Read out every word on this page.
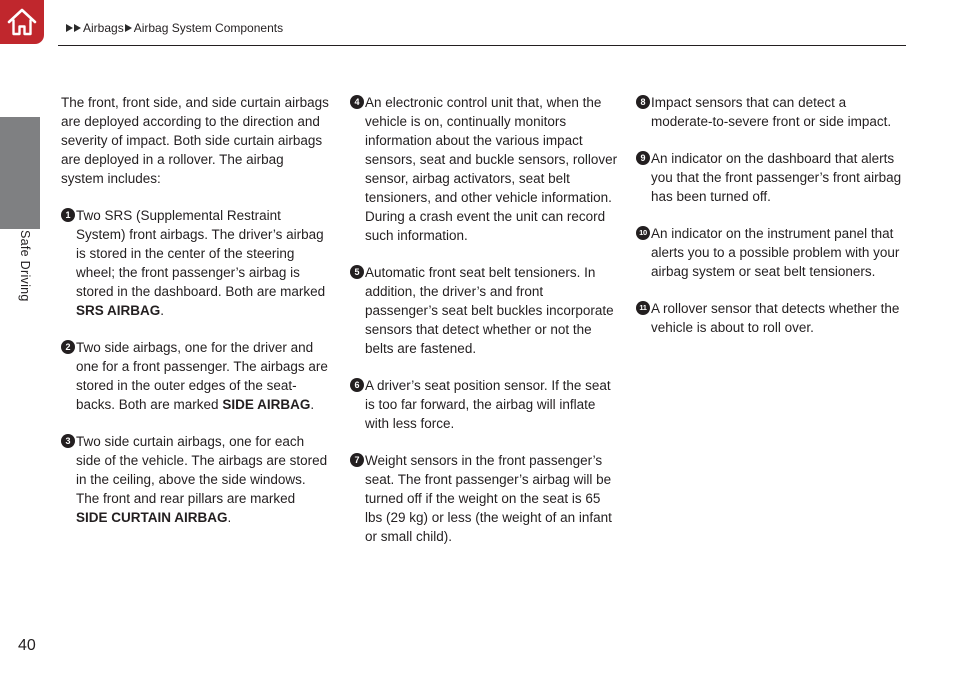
Safe Driving
Airbags Airbag System Components

The front, front side, and side curtain airbags are deployed according to the direction and severity of impact. Both side curtain airbags are deployed in a rollover. The airbag system includes:

1 Two SRS (Supplemental Restraint System) front airbags. The driver’s airbag is stored in the center of the steering wheel; the front passenger’s airbag is stored in the dashboard. Both are marked SRS AIRBAG.
2 Two side airbags, one for the driver and one for a front passenger. The airbags are stored in the outer edges of the seat-backs. Both are marked SIDE AIRBAG.
3 Two side curtain airbags, one for each side of the vehicle. The airbags are stored in the ceiling, above the side windows. The front and rear pillars are marked SIDE CURTAIN AIRBAG.
4 An electronic control unit that, when the vehicle is on, continually monitors information about the various impact sensors, seat and buckle sensors, rollover sensor, airbag activators, seat belt tensioners, and other vehicle information. During a crash event the unit can record such information.
5 Automatic front seat belt tensioners. In addition, the driver’s and front passenger’s seat belt buckles incorporate sensors that detect whether or not the belts are fastened.
6 A driver’s seat position sensor. If the seat is too far forward, the airbag will inflate with less force.
7 Weight sensors in the front passenger’s seat. The front passenger’s airbag will be turned off if the weight on the seat is 65 lbs (29 kg) or less (the weight of an infant or small child).
8 Impact sensors that can detect a moderate-to-severe front or side impact.
9 An indicator on the dashboard that alerts you that the front passenger’s front airbag has been turned off.
10 An indicator on the instrument panel that alerts you to a possible problem with your airbag system or seat belt tensioners.
11 A rollover sensor that detects whether the vehicle is about to roll over.
40
